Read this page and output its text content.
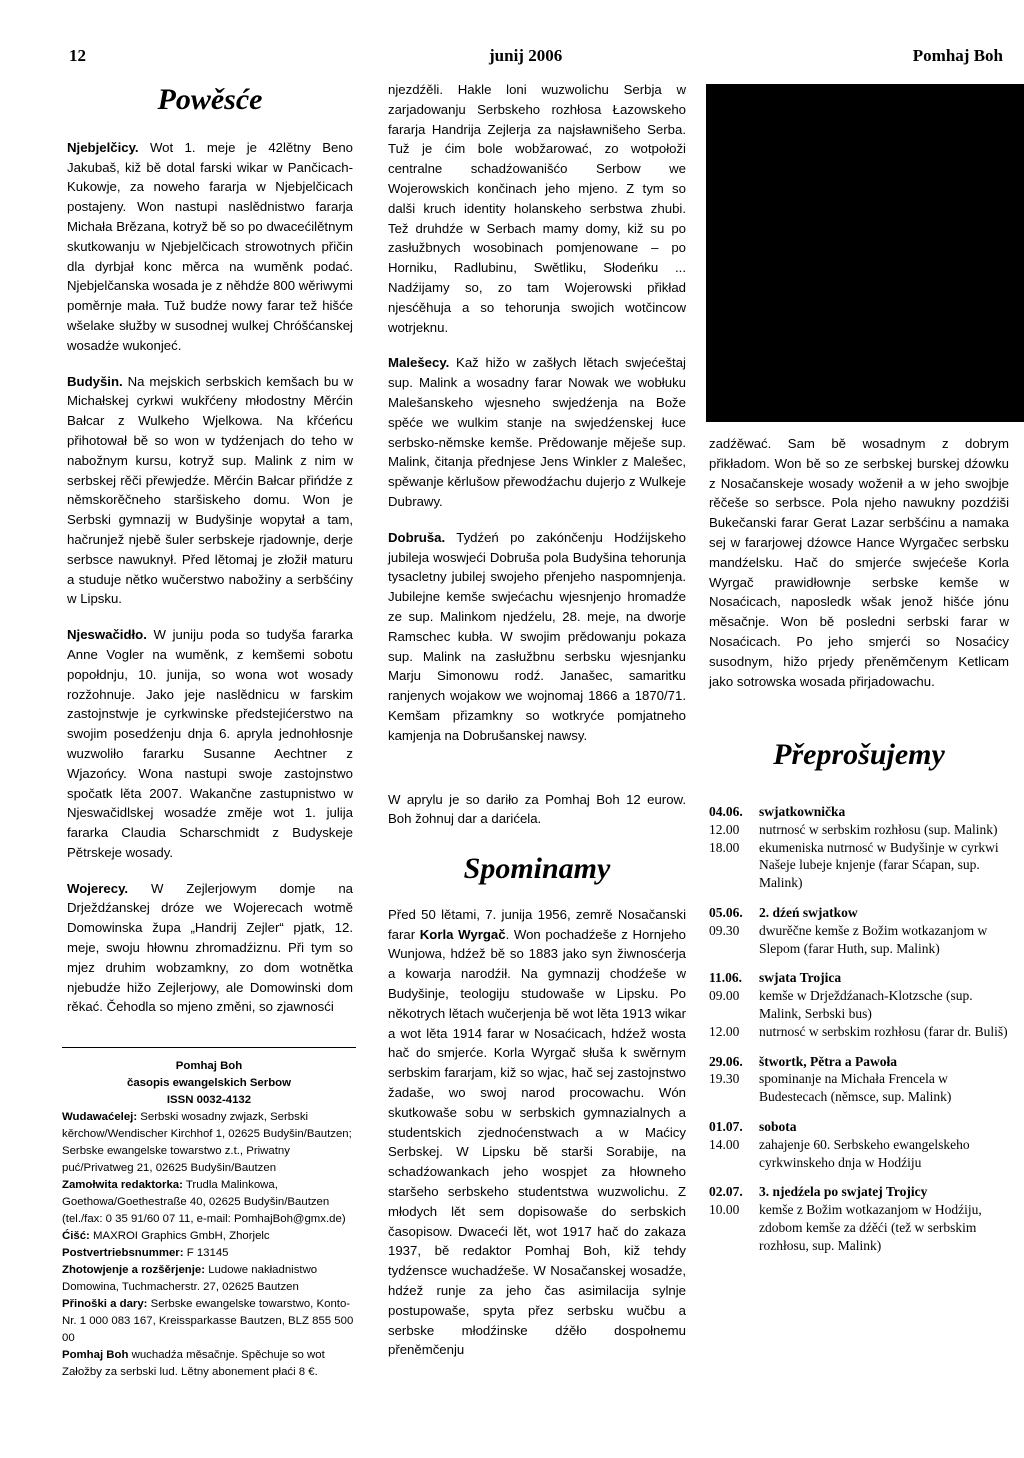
12	junij 2006	Pomhaj Boh
Powěsće

Njebjelčicy. Wot 1. meje je 42lětny Beno Jakubaš, kiž bě dotal farski wikar w Pančicach-Kukowje, za noweho fararja w Njebjelčicach postajeny. Won nastupi naslědnistwo fararja Michała Brězana, kotryž bě so po dwacećilětnym skutkowanju w Njebjelčicach strowotnych přičin dla dyrbjał konc měrca na wuměnk podać. Njebjelčanska wosada je z něhdźe 800 wěriwymi poměrnje mała. Tuž budźe nowy farar tež hišće wšelake słužby w susodnej wulkej Chróšćanskej wosadźe wukonjeć.

Budyšin. Na mejskich serbskich kemšach bu w Michałskej cyrkwi wukřćeny młodostny Měrćin Bałcar z Wulkeho Wjelkowa. Na křćeńcu přihotował bě so won w tydźenjach do teho w nabožnym kursu, kotryž sup. Malink z nim w serbskej rěči přewjedźe. Měrćin Bałcar přińdźe z němskorěčneho staršiskeho domu. Won je Serbski gymnazij w Budyšinje wopytał a tam, hačrunjež njebě šuler serbskeje rjadownje, derje serbsce nawuknył. Před lětomaj je złožił maturu a studuje nětko wučerstwo nabožiny a serbšćiny w Lipsku.

Njeswačidło. W juniju poda so tudyša fararka Anne Vogler na wuměnk, z kemšemi sobotu popołdnju, 10. junija, so wona wot wosady rozžohnuje. Jako jeje naslědnicu w farskim zastojnstwje je cyrkwinske předstejićerstwo na swojim posedźenju dnja 6. apryla jednohłosnje wuzwoliło fararku Susanne Aechtner z Wjazońcy. Wona nastupi swoje zastojnstwo spočatk lěta 2007. Wakančne zastupnistwo w Njeswačidlskej wosadźe změje wot 1. julija fararka Claudia Scharschmidt z Budyskeje Pětrskeje wosady.

Wojerecy. W Zejlerjowym domje na Drježdźanskej dróze we Wojerecach wotmě Domowinska župa „Handrij Zejler“ pjatk, 12. meje, swoju hłownu zhromadźiznu. Při tym so mjez druhim wobzamkny, zo dom wotnětka njebudźe hižo Zejlerjowy, ale Domowinski dom rěkać. Čehodla so mjeno změni, so zjawnosći

Pomhaj Boh
časopis ewangelskich Serbow
ISSN 0032-4132
Wudawaćelej: Serbski wosadny zwjazk, Serbski kěrchow/Wendischer Kirchhof 1, 02625 Budyšin/Bautzen; Serbske ewangelske towarstwo z.t., Priwatny puć/Privatweg 21, 02625 Budyšin/Bautzen
Zamołwita redaktorka: Trudla Malinkowa, Goethowa/Goethestraße 40, 02625 Budyšin/Bautzen (tel./fax: 0 35 91/60 07 11, e-mail: PomhajBoh@gmx.de)
Ćišć: MAXROI Graphics GmbH, Zhorjelc
Postvertriebsnummer: F 13145
Zhotowjenje a rozšěrjenje: Ludowe nakładnistwo Domowina, Tuchmacherstr. 27, 02625 Bautzen
Přinoški a dary: Serbske ewangelske towarstwo, Konto-Nr. 1 000 083 167, Kreissparkasse Bautzen, BLZ 855 500 00
Pomhaj Boh wuchadźa měsačnje. Spěchuje so wot Załožby za serbski lud. Lětny abonement płaći 8 €.

njezdźěli. Hakle loni wuzwolichu Serbja w zarjadowanju Serbskeho rozhłosa Łazowskeho fararja Handrija Zejlerja za najsławnišeho Serba. Tuž je ćim bole wobžarować, zo wotpołoži centralne schadźowanišćo Serbow we Wojerowskich končinach jeho mjeno. Z tym so dalši kruch identity holanskeho serbstwa zhubi. Tež druhdźe w Serbach mamy domy, kiž su po zasłužbnych wosobinach pomjenowane – po Horniku, Radlubinu, Swětliku, Słodeńku ... Nadźijamy so, zo tam Wojerowski přikład njesćěhuja a so tehorunja swojich wotčincow wotrjeknu.

Malešecy. Kaž hižo w zašłych lětach swjećeštaj sup. Malink a wosadny farar Nowak we wobłuku Malešanskeho wjesneho swjedźenja na Bože spěće we wulkim stanje na swjedźenskej łuce serbsko-němske kemše. Prědowanje měješe sup. Malink, čitanja přednjese Jens Winkler z Malešec, spěwanje kěrlušow přewodźachu dujerjo z Wulkeje Dubrawy.

Dobruša. Tydźeń po zakónčenju Hodźijskeho jubileja woswjeći Dobruša pola Budyšina tehorunja tysacletny jubilej swojeho přenjeho naspomnjenja. Jubilejne kemše swjećachu wjesnjenjo hromadźe ze sup. Malinkom njedźelu, 28. meje, na dworje Ramschec kubła. W swojim prědowanju pokaza sup. Malink na zasłužbnu serbsku wjesnjanku Marju Simonowu rodź. Janašec, samaritku ranjenych wojakow we wojnomaj 1866 a 1870/71. Kemšam přizamkny so wotkryće pomjatneho kamjenja na Dobrušanskej nawsy.

W aprylu je so dariło za Pomhaj Boh 12 eurow. Boh žohnuj dar a darićela.

Spominamy

Před 50 lětami, 7. junija 1956, zemrě Nosačanski farar Korla Wyrgač. Won pochadźeše z Hornjeho Wunjowa, hdźež bě so 1883 jako syn žiwnosćerja a kowarja narodźił. Na gymnazij chodźeše w Budyšinje, teologiju studowaše w Lipsku. Po někotrych lětach wučerjenja bě wot lěta 1913 wikar a wot lěta 1914 farar w Nosaćicach, hdźež wosta hač do smjerće. Korla Wyrgač słuša k swěrnym serbskim fararjam, kiž so wjac, hač sej zastojnstwo žadaše, wo swoj narod procowachu. Wón skutkowaše sobu w serbskich gymnazialnych a studentskich zjednoćenstwach a w Maćicy Serbskej. W Lipsku bě starši Sorabije, na schadźowankach jeho wospjet za hłowneho staršeho serbskeho studentstwa wuzwolichu. Z młodych lět sem dopisowaše do serbskich časopisow. Dwaceći lět, wot 1917 hač do zakaza 1937, bě redaktor Pomhaj Boh, kiž tehdy tydźensce wuchadźeše. W Nosačanskej wosadźe, hdźež runje za jeho čas asimilacija sylnje postupowaše, spyta přez serbsku wučbu a serbske młodźinske dźěło dospołnemu přeněmčenju

zadźěwać. Sam bě wosadnym z dobrym přikładom. Won bě so ze serbskej burskej dźowku z Nosačanskeje wosady woženił a w jeho swojbje rěčeše so serbsce. Pola njeho nawukny pozdźiši Bukečanski farar Gerat Lazar serbšćinu a namaka sej w fararjowej dźowce Hance Wyrgačec serbsku mandźelsku. Hač do smjerće swjećeše Korla Wyrgač prawidłownje serbske kemše w Nosaćicach, naposledk wšak jenož hišće jónu měsačnje. Won bě posledni serbski farar w Nosaćicach. Po jeho smjerći so Nosaćicy susodnym, hižo prjedy přeněmčenym Ketlicam jako sotrowska wosada přirjadowachu.

Přeprošujemy
04.06.	swjatkownička
12.00	nutrnosć w serbskim rozhłosu (sup. Malink)
18.00	ekumeniska nutrnosć w Budyšinje w cyrkwi Našeje lubeje knjenje (farar Sćapan, sup. Malink)
05.06.	2. dźeń swjatkow
09.30	dwurěčne kemše z Božim wotkazanjom w Slepom (farar Huth, sup. Malink)
11.06.	swjata Trojica
09.00	kemše w Drježdźanach-Klotzsche (sup. Malink, Serbski bus)
12.00	nutrnosć w serbskim rozhłosu (farar dr. Buliš)
29.06.	štwortk, Pětra a Pawoła
19.30	spominanje na Michała Frencela w Budestecach (němsce, sup. Malink)
01.07.	sobota
14.00	zahajenje 60. Serbskeho ewangelskeho cyrkwinskeho dnja w Hodźiju
02.07.	3. njedźela po swjatej Trojicy
10.00	kemše z Božim wotkazanjom w Hodźiju, zdobom kemše za dźěći (tež w serbskim rozhłosu, sup. Malink)
